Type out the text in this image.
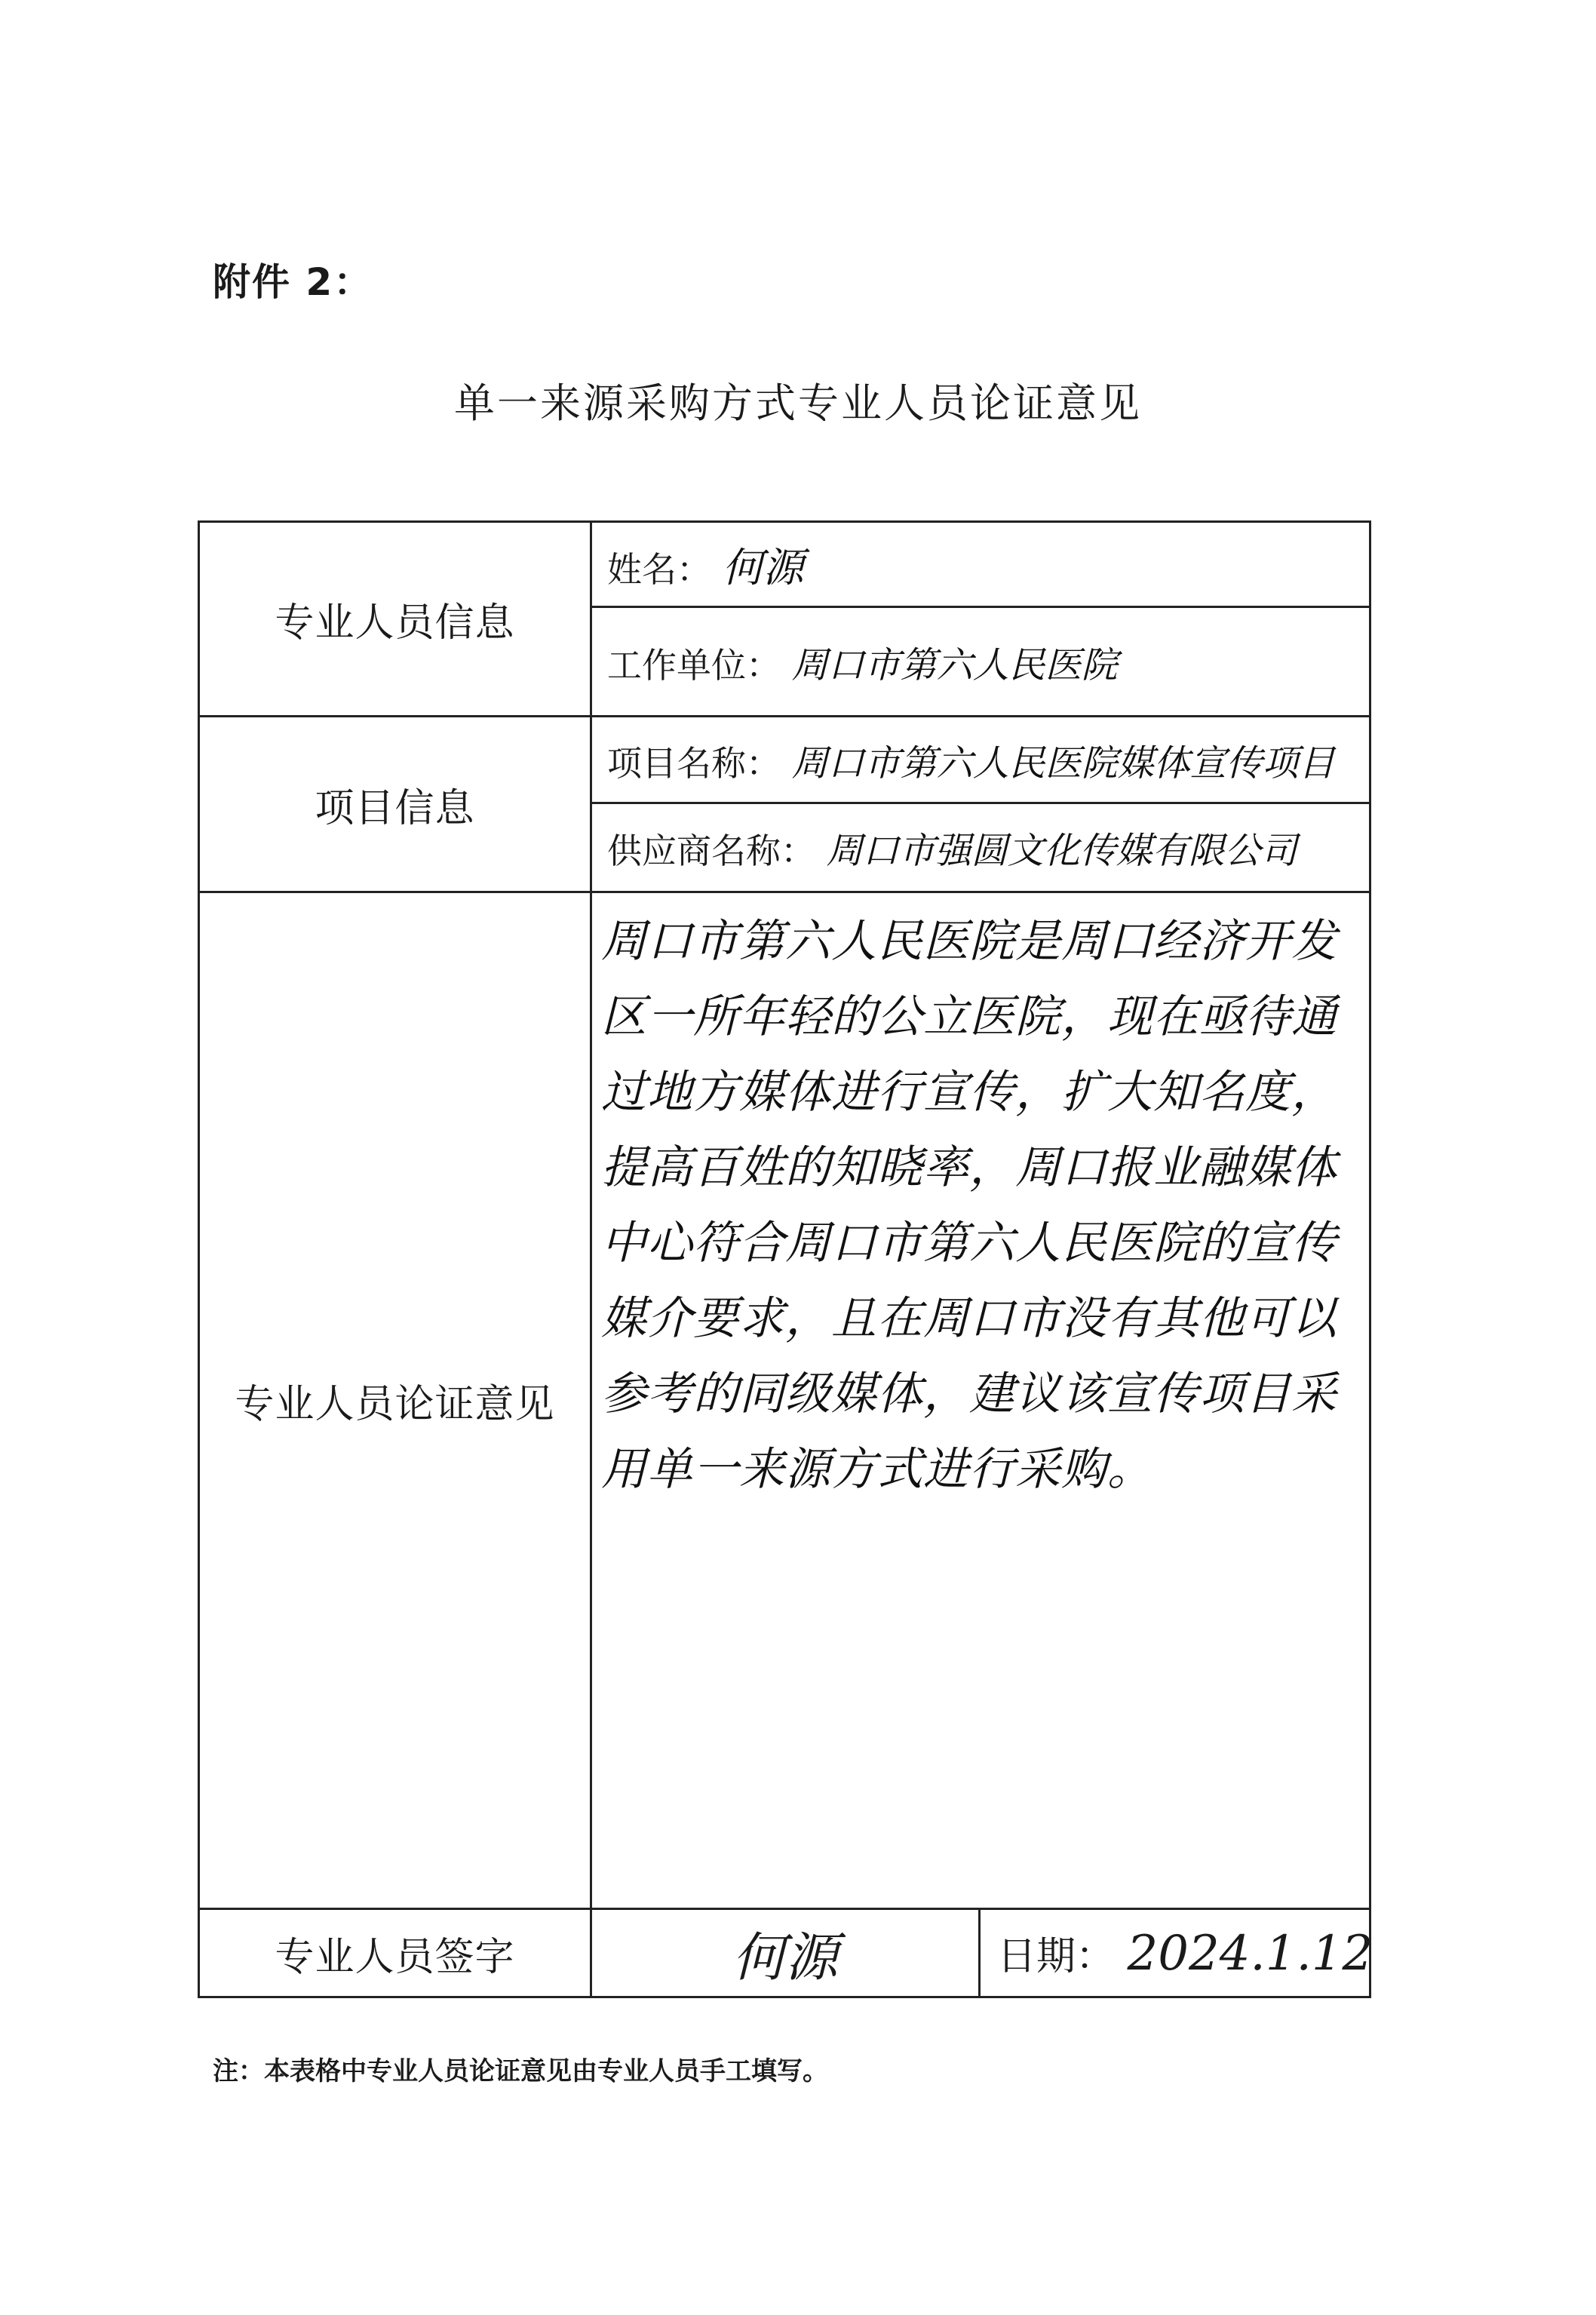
附件 2：
单一来源采购方式专业人员论证意见
专业人员信息	姓名： 何源	
	工作单位： 周口市第六人民医院	
项目信息	项目名称： 周口市第六人民医院媒体宣传项目	
	供应商名称： 周口市强圆文化传媒有限公司	
专业人员论证意见	周口市第六人民医院是周口经济开发区一所年轻的公立医院，现在亟待通过地方媒体进行宣传，扩大知名度，提高百姓的知晓率，周口报业融媒体中心符合周口市第六人民医院的宣传媒介要求，且在周口市没有其他可以参考的同级媒体，建议该宣传项目采用单一来源方式进行采购。	

专业人员签字	何源	日期： 2024.1.12
注：本表格中专业人员论证意见由专业人员手工填写。
